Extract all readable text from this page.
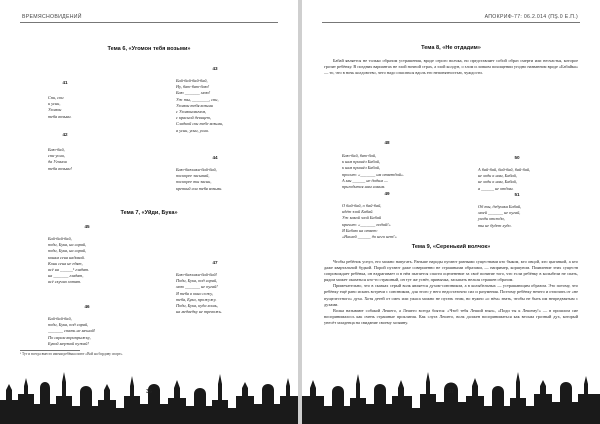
ВРЕМЯСНОВИДЕНИЙ
Тема 6, «Угомон тебя возьми»
41
Спи, спи
и усни,
Угомон
тебя возьми.
42
Баю-бай,
спи-усни,
да Угомон
тебя возьми!
43
Бай-бай-бай-бай,
Ну, баю-баю-баю!
Баю _______ мою!
Уж ты, ________, спи,
Угомон тебя возьми
с Угомоновичем,
с красной девицею,
Сладкой сон тебе возьми,
а усни, усни, усни.
44
Баю-баюшки-бай-бай,
поскорее засыпай,
поскорее ты засни,
крепкий сон тебя возьми.
Тема 7, «Уйди, Бука»
45
Бай-бай-бай,
поди, Бука, на сарай,
поди, Бука, на сарай,
коням сена надавай.
Кони сена не едят,
всё на ______¹ глядят.
на _______ глядят,
всё скучно хотят.
46
Бай-бай-бай,
поди, Бука, под сарай,
_______ спать не мешай!
По сарам вприпрыжку,
Букой мерзкой пужай!
47
Баю-баюшки-бай-бай!
Поди, Бука, под сарай,
мою _______ не пугай!
Я тебя в окно сожу,
тебя, Бука, прожужу.
Поди, Бука, куда хошь,
на медведку не тревожь.
¹ Тут и всегда вместо имени ребёнка поют «Вой на бордову спорт».
36
АПОКРИФ-77: 06.2.014 (ПŞ.0 Е.П.)
Тема 8, «Не отдадим»

Бабай является не только образом устрашения, вроде серого волчка, но представляет собой образ смерти или несчастья, которое грозит ребёнку. В поздних вариантах не злой ночной страх, а злой колдун, о злом и ловком похищении угодно названном вроде «Бабайка» — то, что в ночь колдовство, чего надо опасаться вдоль его непонятностью, чуждости.

48
Баю-бай, баю-бай,
к нам пришёл Бабай,
к нам пришёл Бабай,
просит: «_______ им ответдай».
А мы ______ не дадим —
пригодится нам самим.
49
О бай-бай, о бай-бай,
идёт злой Бабай.
Уж какой злой Бабай
кричит: «_______ подай!»
Я Бабаю на ответ:
«Нашей ______ до него нет!»
50
А бай-бай, бай-бай, бай-бай,
не ходи к нам, Бабай,
не ходи к нам, Бабай,
я ______ не отдам.
51
Об ты, дедушка Бабай,
моей _______ не пугай,
уходи отсюда,
ты не будет худо.
Тема 9, «Серенький волчок»

Чтобы ребёнок уснул, его можно напугать. Раньше народы пугают разными существами кто быком, кто овцой, кто цыганкой, а кто даже квартальной будкой. Порой пугают даже совершенно не страшными образами, — например, коршуном. Появление этих существ сопровождает ребёнка, он вздрагивает и в нём пытается спасти оцепенение за своё понятие того, что если ребёнку в колыбели не спать, рядом может оказаться кто-то страшный, он тут же уснёт, привычка, засыпать нельзя страшен образом.

Примечательно, что в сказках серый волк является духом-союзником, а в колыбельных — устрашающим образом. Это потому, что ребёнку ещё рано искать встречи с союзником, для этого у него недостаточно сил и разумения. Поэтому ребёнку нечего и отличать от «не пущелестного» духа. Хотя детей от смех или ужаса можно не пугать этим, но нужно «о нём» знать, чтобы не быть им непредвзятым с духами.

Волка называют собакой Лешего, а Лешего всегда боятся: «Чтоб тебя Леший взял», «Поди ты к Лешему!» — в прошлом сие воспринималось как очень страшные проклятия. Как слуга Лешего, волк должен восприниматься как весьма грозный дух, который унесёт младенца на свидание своему хозяину.

37
